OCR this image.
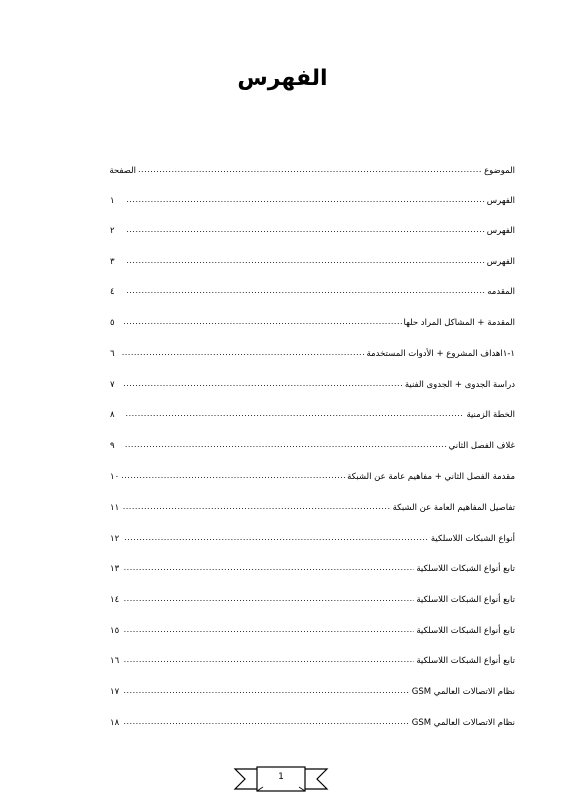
الفهرس
الموضوع
.....
الصفحة
الفهرس
.....
١
الفهرس
.....
٢
الفهرس
.....
٣
المقدمه
.....
٤
المقدمة + المشاكل المراد حلها
.....
٥
١-١اهداف المشروع + الأدوات المستخدمة
.....
٦
دراسة الجدوى + الجدوى الفنية
.....
٧
الخطة الزمنية
.....
٨
غلاف الفصل الثاني
.....
٩
مقدمة الفصل الثاني + مفاهيم عامة عن الشبكة
.....
١٠
تفاصيل المفاهيم العامة عن الشبكة
.....
١١
أنواع الشبكات اللاسلكية
.....
١٢
تابع أنواع الشبكات اللاسلكية
.....
١٣
تابع أنواع الشبكات اللاسلكية
.....
١٤
تابع أنواع الشبكات اللاسلكية
.....
١٥
تابع أنواع الشبكات اللاسلكية
.....
١٦
نظام الاتصالات العالمي GSM
.....
١٧
نظام الاتصالات العالمي GSM
.....
١٨
1
